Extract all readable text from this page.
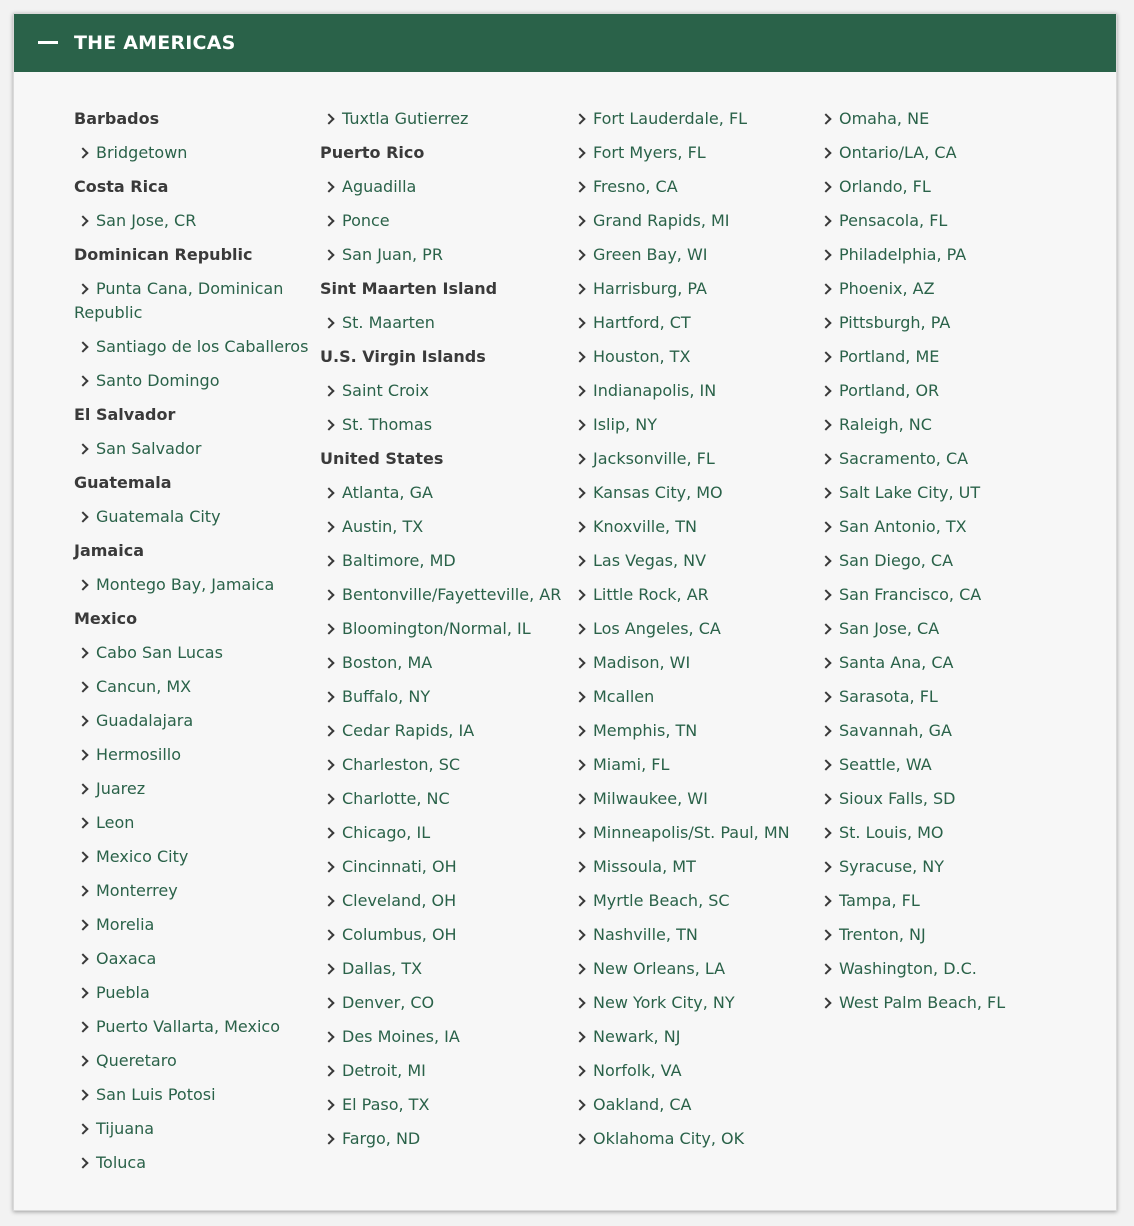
THE AMERICAS
Barbados
Bridgetown
Costa Rica
San Jose, CR
Dominican Republic
Punta Cana, Dominican Republic
Santiago de los Caballeros
Santo Domingo
El Salvador
San Salvador
Guatemala
Guatemala City
Jamaica
Montego Bay, Jamaica
Mexico
Cabo San Lucas
Cancun, MX
Guadalajara
Hermosillo
Juarez
Leon
Mexico City
Monterrey
Morelia
Oaxaca
Puebla
Puerto Vallarta, Mexico
Queretaro
San Luis Potosi
Tijuana
Toluca
Tuxtla Gutierrez
Puerto Rico
Aguadilla
Ponce
San Juan, PR
Sint Maarten Island
St. Maarten
U.S. Virgin Islands
Saint Croix
St. Thomas
United States
Atlanta, GA
Austin, TX
Baltimore, MD
Bentonville/Fayetteville, AR
Bloomington/Normal, IL
Boston, MA
Buffalo, NY
Cedar Rapids, IA
Charleston, SC
Charlotte, NC
Chicago, IL
Cincinnati, OH
Cleveland, OH
Columbus, OH
Dallas, TX
Denver, CO
Des Moines, IA
Detroit, MI
El Paso, TX
Fargo, ND
Fort Lauderdale, FL
Fort Myers, FL
Fresno, CA
Grand Rapids, MI
Green Bay, WI
Harrisburg, PA
Hartford, CT
Houston, TX
Indianapolis, IN
Islip, NY
Jacksonville, FL
Kansas City, MO
Knoxville, TN
Las Vegas, NV
Little Rock, AR
Los Angeles, CA
Madison, WI
Mcallen
Memphis, TN
Miami, FL
Milwaukee, WI
Minneapolis/St. Paul, MN
Missoula, MT
Myrtle Beach, SC
Nashville, TN
New Orleans, LA
New York City, NY
Newark, NJ
Norfolk, VA
Oakland, CA
Oklahoma City, OK
Omaha, NE
Ontario/LA, CA
Orlando, FL
Pensacola, FL
Philadelphia, PA
Phoenix, AZ
Pittsburgh, PA
Portland, ME
Portland, OR
Raleigh, NC
Sacramento, CA
Salt Lake City, UT
San Antonio, TX
San Diego, CA
San Francisco, CA
San Jose, CA
Santa Ana, CA
Sarasota, FL
Savannah, GA
Seattle, WA
Sioux Falls, SD
St. Louis, MO
Syracuse, NY
Tampa, FL
Trenton, NJ
Washington, D.C.
West Palm Beach, FL
